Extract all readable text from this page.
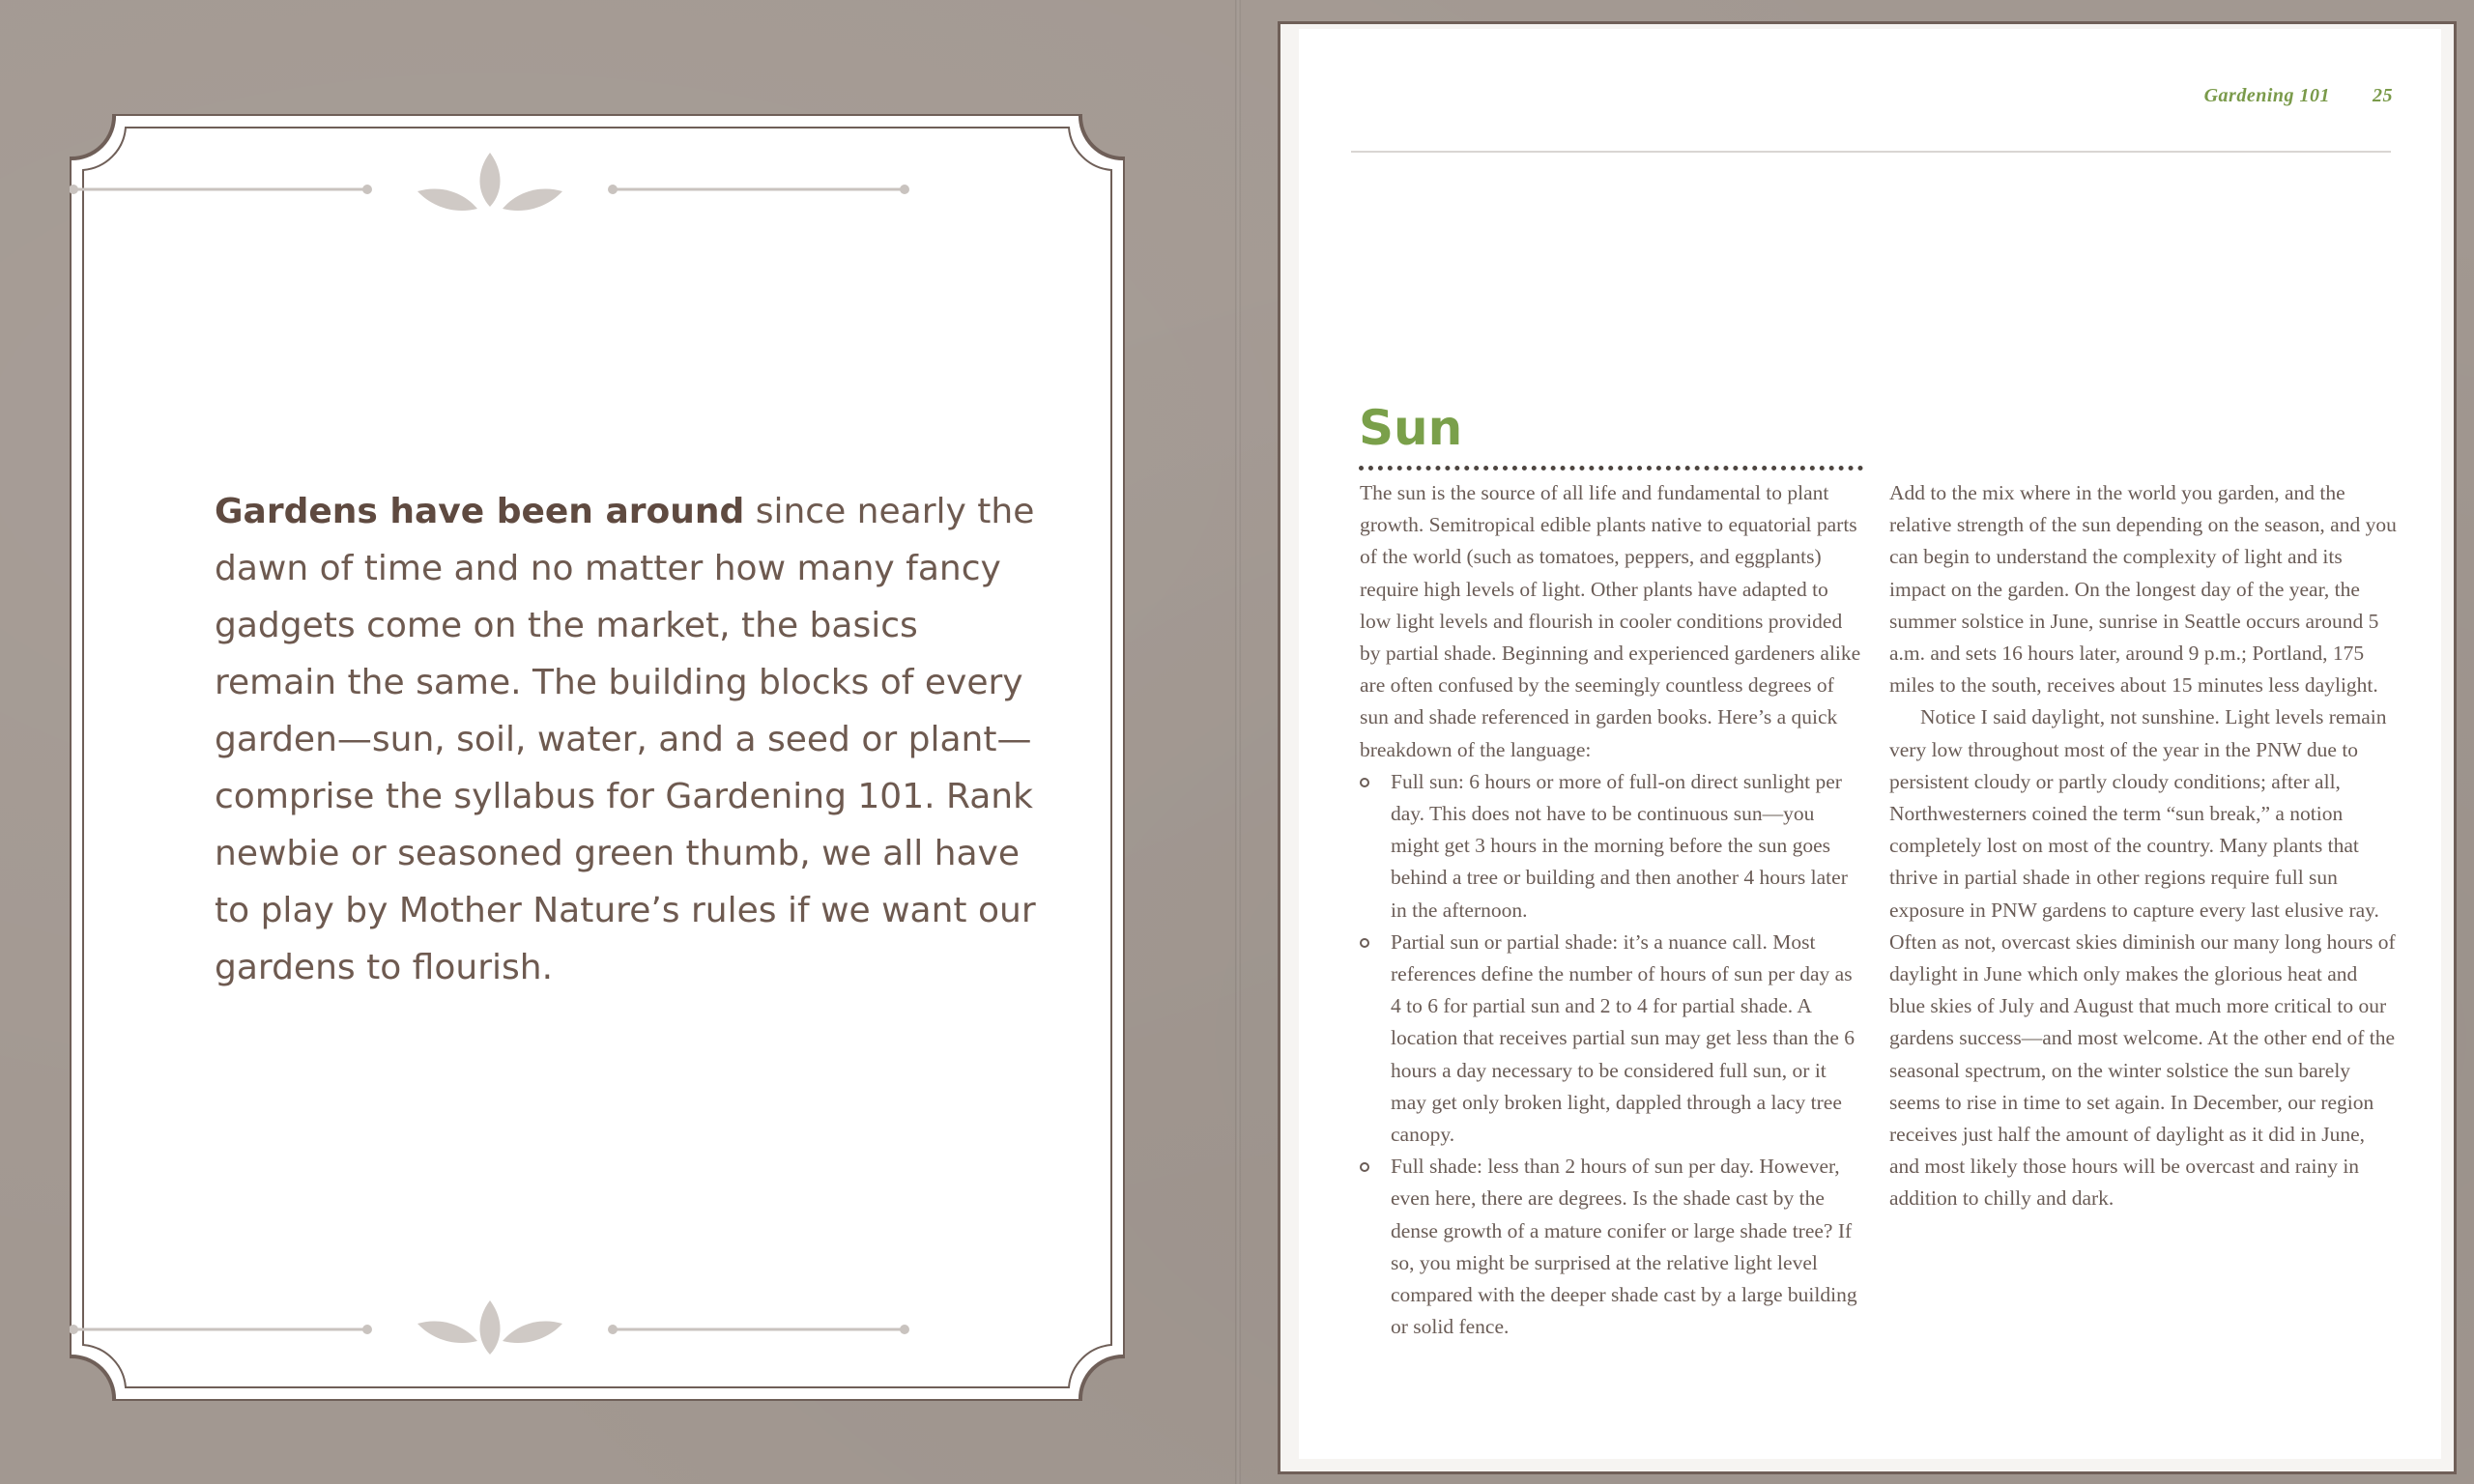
Gardens have been around since nearly the dawn of time and no matter how many fancy gadgets come on the market, the basics remain the same. The building blocks of every garden—sun, soil, water, and a seed or plant—comprise the syllabus for Gardening 101. Rank newbie or seasoned green thumb, we all have to play by Mother Nature’s rules if we want our gardens to flourish.

Gardening 101 25
Sun

The sun is the source of all life and fundamental to plant growth. Semitropical edible plants native to equatorial parts of the world (such as tomatoes, peppers, and eggplants) require high levels of light. Other plants have adapted to low light levels and flourish in cooler conditions provided by partial shade. Beginning and experienced gardeners alike are often confused by the seemingly countless degrees of sun and shade referenced in garden books. Here’s a quick breakdown of the language:

Full sun: 6 hours or more of full-on direct sunlight per day. This does not have to be continuous sun—you might get 3 hours in the morning before the sun goes behind a tree or building and then another 4 hours later in the afternoon.
Partial sun or partial shade: it’s a nuance call. Most references define the number of hours of sun per day as 4 to 6 for partial sun and 2 to 4 for partial shade. A location that receives partial sun may get less than the 6 hours a day necessary to be considered full sun, or it may get only broken light, dappled through a lacy tree canopy.
Full shade: less than 2 hours of sun per day. However, even here, there are degrees. Is the shade cast by the dense growth of a mature conifer or large shade tree? If so, you might be surprised at the relative light level compared with the deeper shade cast by a large building or solid fence.

Add to the mix where in the world you garden, and the relative strength of the sun depending on the season, and you can begin to understand the complexity of light and its impact on the garden. On the longest day of the year, the summer solstice in June, sunrise in Seattle occurs around 5 a.m. and sets 16 hours later, around 9 p.m.; Portland, 175 miles to the south, receives about 15 minutes less daylight.

Notice I said daylight, not sunshine. Light levels remain very low throughout most of the year in the PNW due to persistent cloudy or partly cloudy conditions; after all, Northwesterners coined the term “sun break,” a notion completely lost on most of the country. Many plants that thrive in partial shade in other regions require full sun exposure in PNW gardens to capture every last elusive ray. Often as not, overcast skies diminish our many long hours of daylight in June which only makes the glorious heat and blue skies of July and August that much more critical to our gardens success—and most welcome. At the other end of the seasonal spectrum, on the winter solstice the sun barely seems to rise in time to set again. In December, our region receives just half the amount of daylight as it did in June, and most likely those hours will be overcast and rainy in addition to chilly and dark.
